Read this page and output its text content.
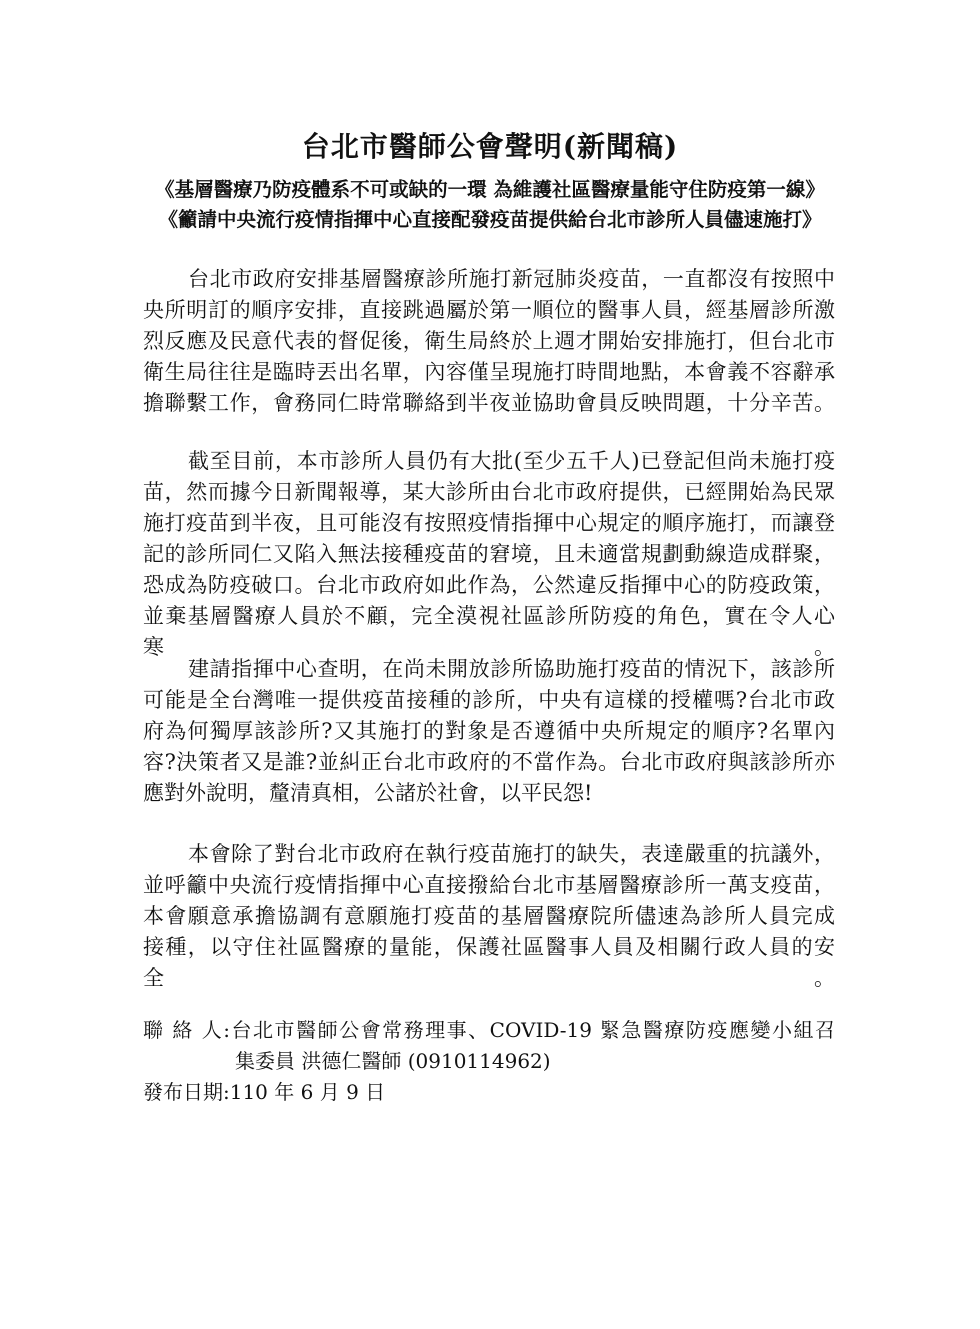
台北市醫師公會聲明(新聞稿)
《基層醫療乃防疫體系不可或缺的一環 為維護社區醫療量能守住防疫第一線》
《籲請中央流行疫情指揮中心直接配發疫苗提供給台北市診所人員儘速施打》
台北市政府安排基層醫療診所施打新冠肺炎疫苗，一直都沒有按照中
央所明訂的順序安排，直接跳過屬於第一順位的醫事人員，經基層診所激
烈反應及民意代表的督促後，衛生局終於上週才開始安排施打，但台北市
衛生局往往是臨時丟出名單，內容僅呈現施打時間地點，本會義不容辭承
擔聯繫工作，會務同仁時常聯絡到半夜並協助會員反映問題，十分辛苦。
截至目前，本市診所人員仍有大批(至少五千人)已登記但尚未施打疫
苗，然而據今日新聞報導，某大診所由台北市政府提供，已經開始為民眾
施打疫苗到半夜，且可能沒有按照疫情指揮中心規定的順序施打，而讓登
記的診所同仁又陷入無法接種疫苗的窘境，且未適當規劃動線造成群聚，
恐成為防疫破口。台北市政府如此作為，公然違反指揮中心的防疫政策，
並棄基層醫療人員於不顧，完全漠視社區診所防疫的角色，實在令人心寒。
建請指揮中心查明，在尚未開放診所協助施打疫苗的情況下，該診所
可能是全台灣唯一提供疫苗接種的診所，中央有這樣的授權嗎?台北市政
府為何獨厚該診所?又其施打的對象是否遵循中央所規定的順序?名單內
容?決策者又是誰?並糾正台北市政府的不當作為。台北市政府與該診所亦
應對外說明，釐清真相，公諸於社會，以平民怨!
本會除了對台北市政府在執行疫苗施打的缺失，表達嚴重的抗議外，
並呼籲中央流行疫情指揮中心直接撥給台北市基層醫療診所一萬支疫苗，
本會願意承擔協調有意願施打疫苗的基層醫療院所儘速為診所人員完成
接種，以守住社區醫療的量能，保護社區醫事人員及相關行政人員的安全。
聯 絡 人:台北市醫師公會常務理事、COVID-19 緊急醫療防疫應變小組召
集委員 洪德仁醫師 (0910114962)
發布日期:110 年 6 月 9 日
